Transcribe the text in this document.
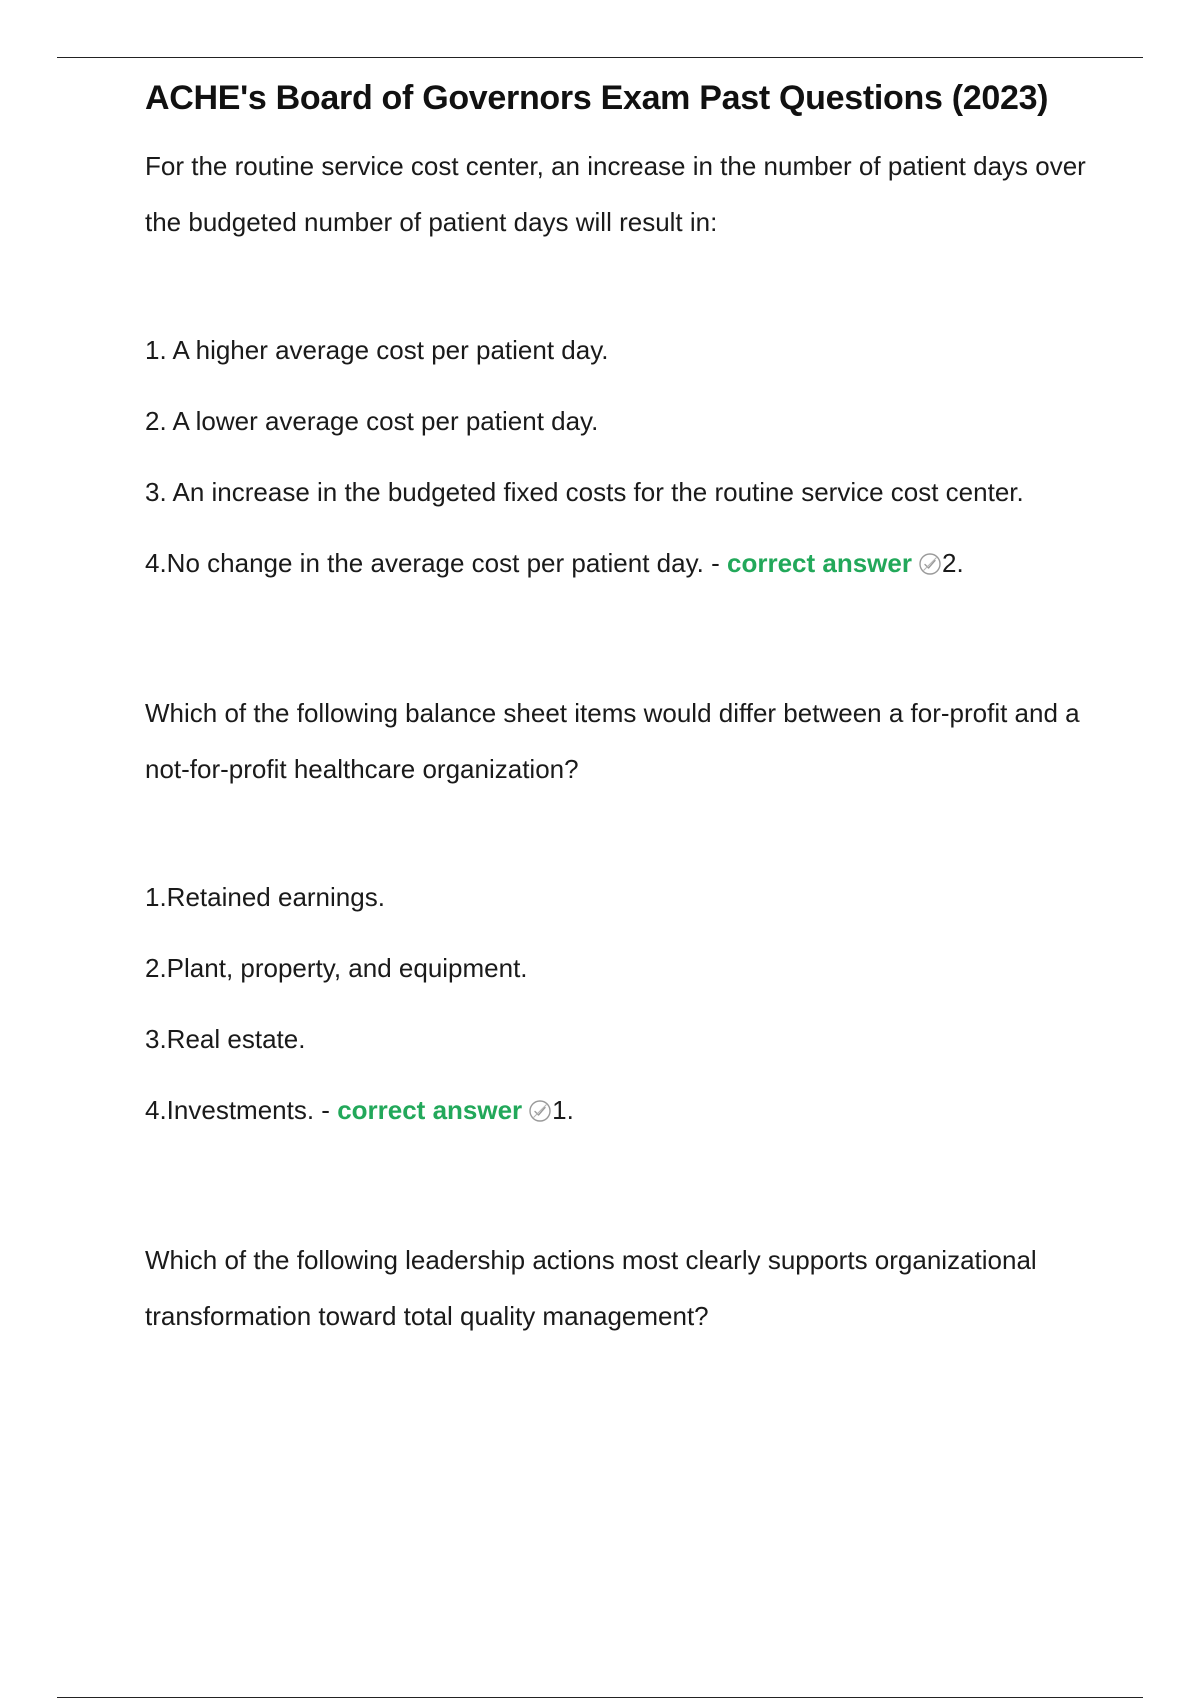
ACHE's Board of Governors Exam Past Questions (2023)

For the routine service cost center, an increase in the number of patient days over the budgeted number of patient days will result in:

1. A higher average cost per patient day.
2. A lower average cost per patient day.
3. An increase in the budgeted fixed costs for the routine service cost center.
4.No change in the average cost per patient day. - correct answer 2.

Which of the following balance sheet items would differ between a for-profit and a not-for-profit healthcare organization?

1.Retained earnings.
2.Plant, property, and equipment.
3.Real estate.
4.Investments. - correct answer 1.

Which of the following leadership actions most clearly supports organizational transformation toward total quality management?
